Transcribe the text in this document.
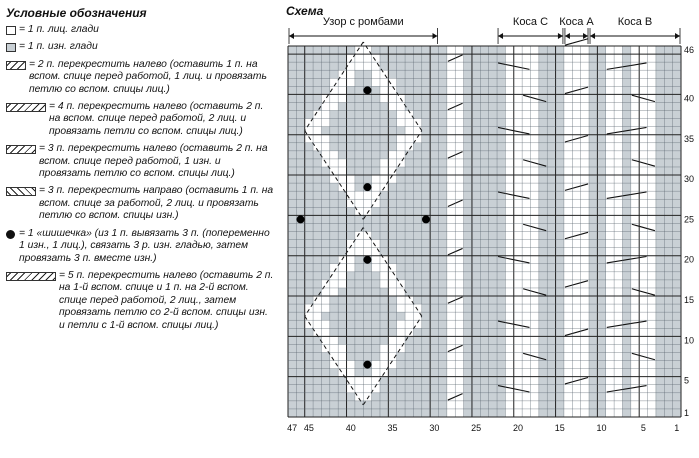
Условные обозначения
= 1 п. лиц. глади
= 1 п. изн. глади
= 2 п. перекрестить налево (оставить 1 п. на вспом. спице перед работой, 1 лиц. и провязать петлю со вспом. спицы лиц.)
= 4 п. перекрестить налево (оставить 2 п. на вспом. спице перед работой, 2 лиц. и провязать петли со вспом. спицы лиц.)
= 3 п. перекрестить налево (оставить 2 п. на вспом. спице перед работой, 1 изн. и провязать петлю со вспом. спицы лиц.)
= 3 п. перекрестить направо (оставить 1 п. на вспом. спице за работой, 2 лиц. и провязать петлю со вспом. спицы изн.)
= 1 «шишечка» (из 1 п. вывязать 3 п. (попеременно 1 изн., 1 лиц.), связать 3 р. изн. гладью, затем провязать 3 п. вместе изн.)
= 5 п. перекрестить налево (оставить 2 п. на 1-й вспом. спице и 1 п. на 2-й вспом. спице перед работой, 2 лиц., затем провязать петлю со 2-й вспом. спицы изн. и петли с 1-й вспом. спицы лиц.)
Схема
Узор с ромбами	Коса C Коса A Коса B
47 45	40	35	30	25	20	15	10	5	1
46
40
35
30
25
20
15
10
5
1
